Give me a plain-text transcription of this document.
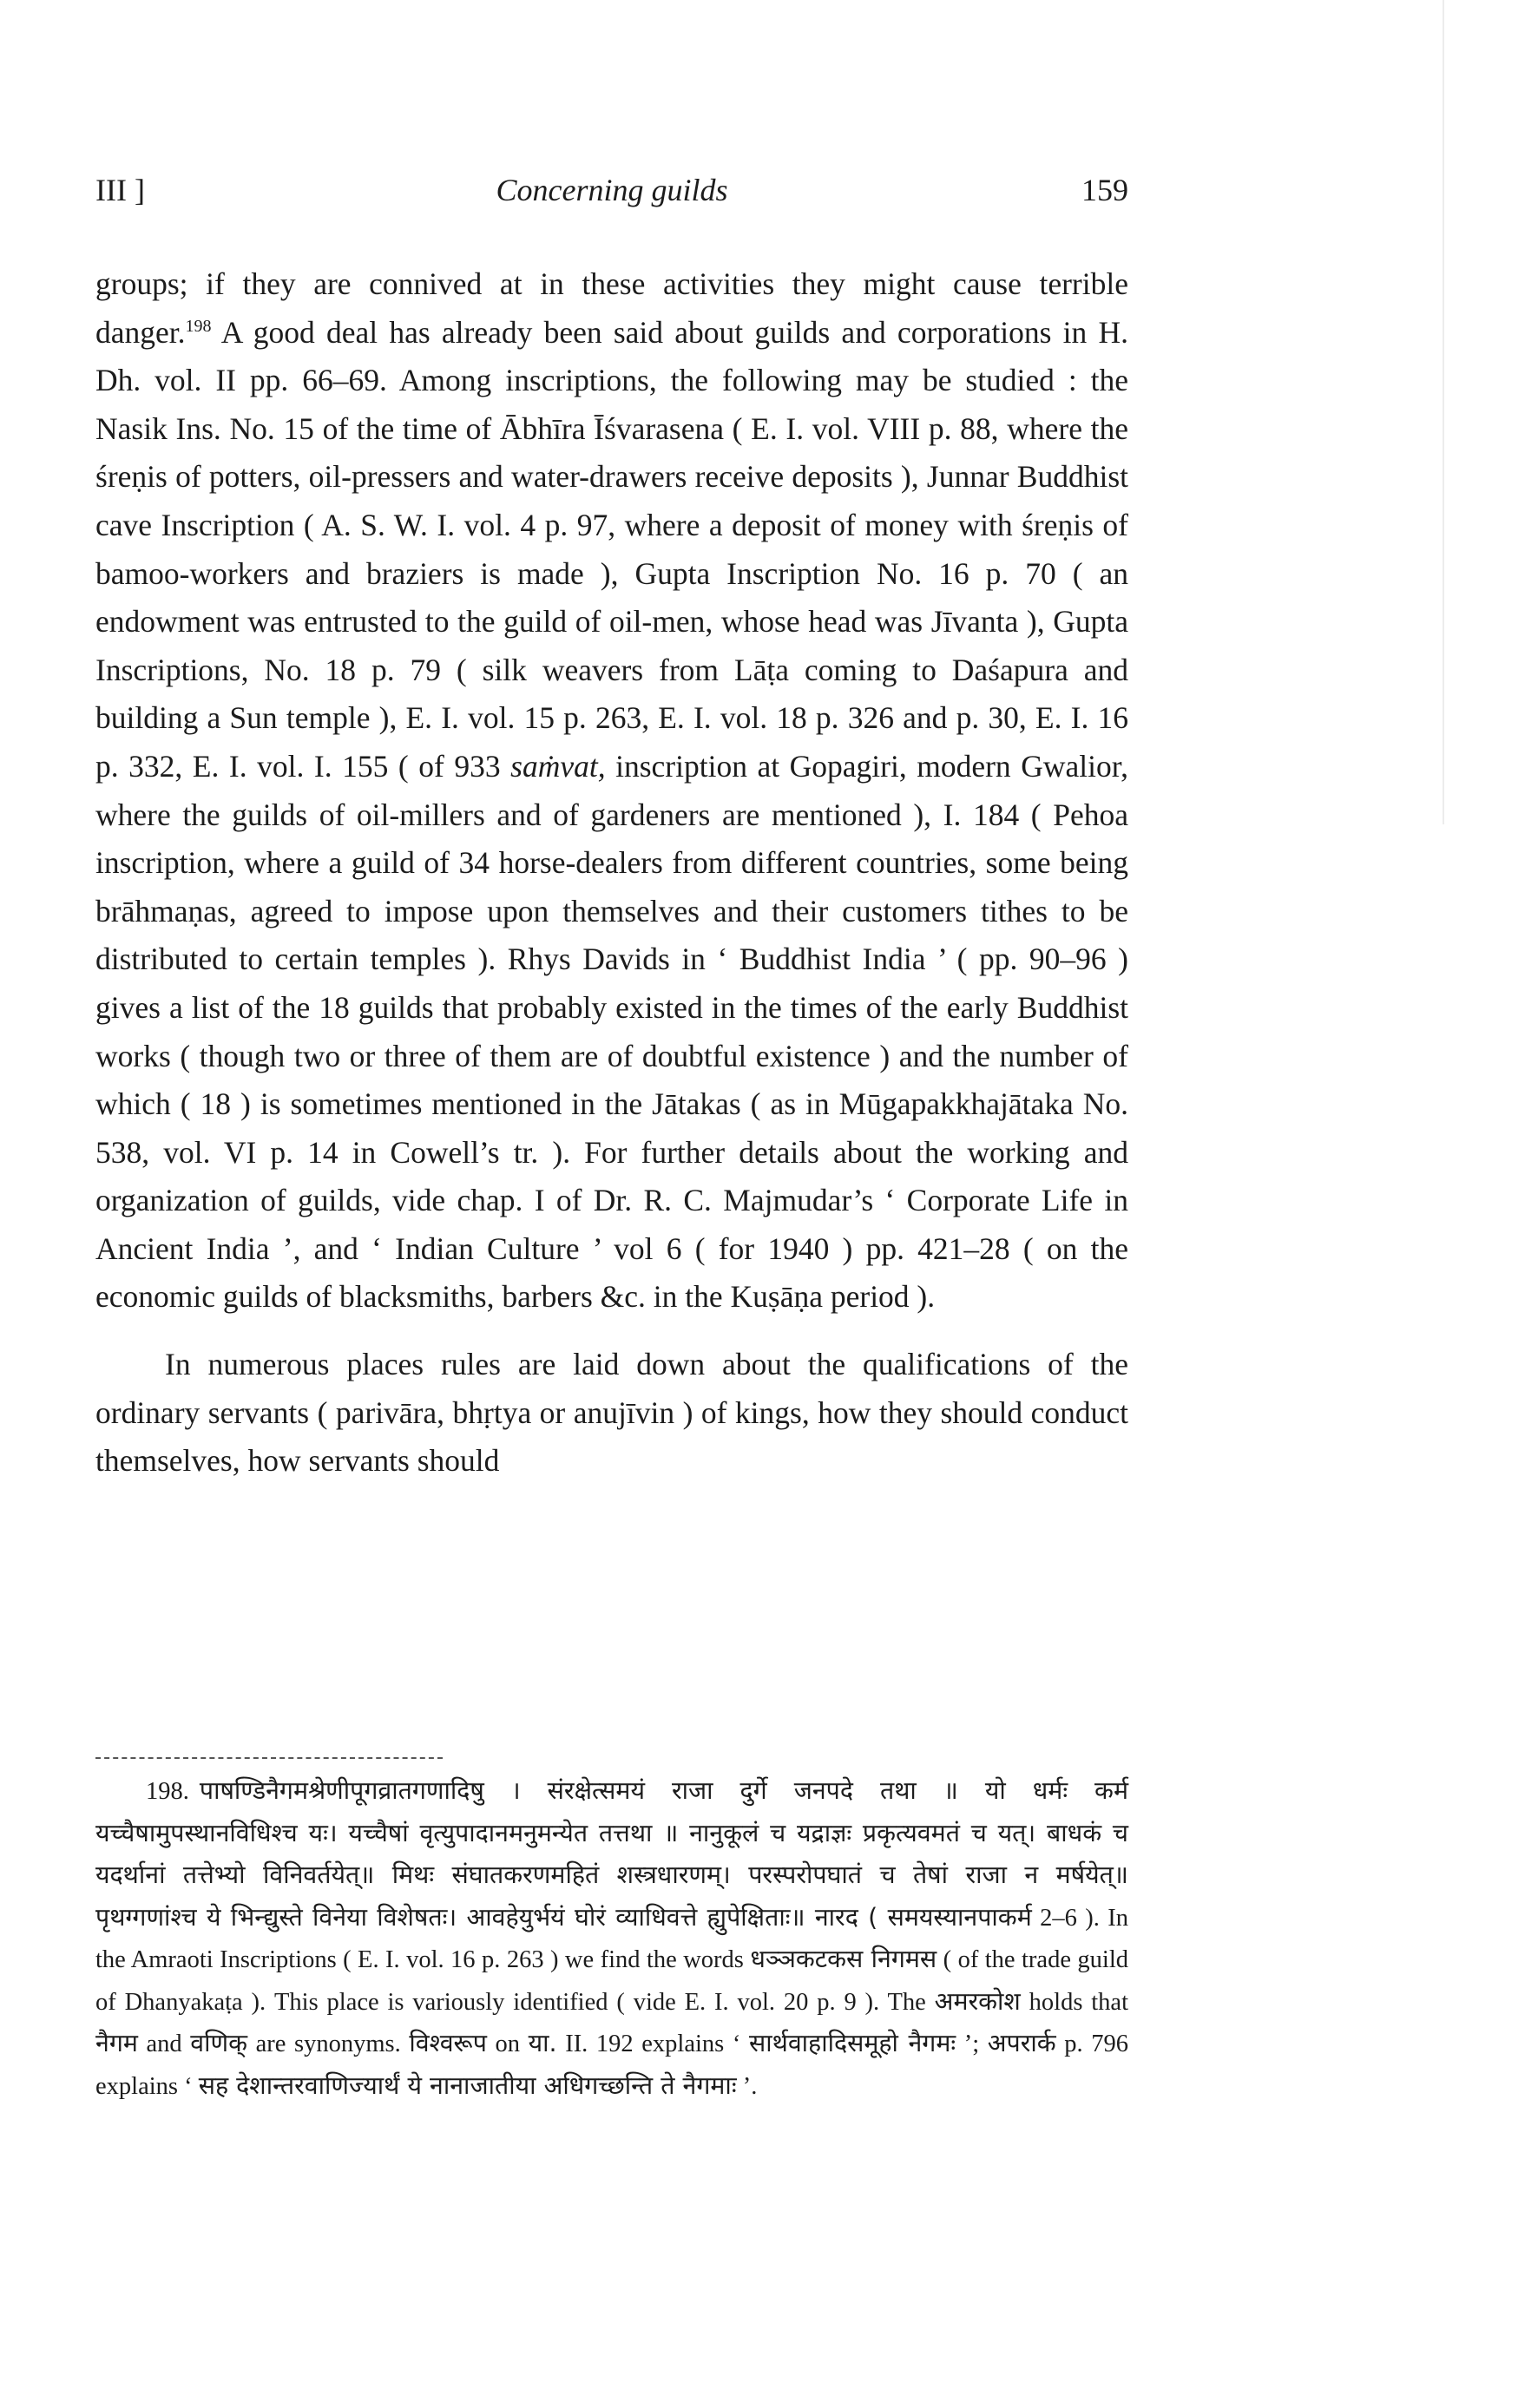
III ]	Concerning guilds	159

groups; if they are connived at in these activities they might cause terrible danger.$^{198}$ A good deal has already been said about guilds and corporations in H. Dh. vol. II pp. 66–69. Among inscriptions, the following may be studied : the Nasik Ins. No. 15 of the time of Ābhīra Īśvarasena ( E. I. vol. VIII p. 88, where the śreṇis of potters, oil-pressers and water-drawers receive deposits ), Junnar Buddhist cave Inscription ( A. S. W. I. vol. 4 p. 97, where a deposit of money with śreṇis of bamoo-workers and braziers is made ), Gupta Inscription No. 16 p. 70 ( an endowment was entrusted to the guild of oil-men, whose head was Jīvanta ), Gupta Inscriptions, No. 18 p. 79 ( silk weavers from Lāṭa coming to Daśapura and building a Sun temple ), E. I. vol. 15 p. 263, E. I. vol. 18 p. 326 and p. 30, E. I. 16 p. 332, E. I. vol. I. 155 ( of 933 saṁvat, inscription at Gopagiri, modern Gwalior, where the guilds of oil-millers and of gardeners are mentioned ), I. 184 ( Pehoa inscription, where a guild of 34 horse-dealers from different countries, some being brāhmaṇas, agreed to impose upon themselves and their customers tithes to be distributed to certain temples ). Rhys Davids in ‘ Buddhist India ’ ( pp. 90–96 ) gives a list of the 18 guilds that probably existed in the times of the early Buddhist works ( though two or three of them are of doubtful existence ) and the number of which ( 18 ) is sometimes mentioned in the Jātakas ( as in Mūgapakkhajātaka No. 538, vol. VI p. 14 in Cowell’s tr. ). For further details about the working and organization of guilds, vide chap. I of Dr. R. C. Majmudar’s ‘ Corporate Life in Ancient India ’, and ‘ Indian Culture ’ vol 6 ( for 1940 ) pp. 421–28 ( on the economic guilds of blacksmiths, barbers &c. in the Kuṣāṇa period ).

In numerous places rules are laid down about the qualifications of the ordinary servants ( parivāra, bhṛtya or anujīvin ) of kings, how they should conduct themselves, how servants should

198. पाषण्डिनैगमश्रेणीपूगव्रातगणादिषु । संरक्षेत्समयं राजा दुर्गे जनपदे तथा ॥ यो धर्मः कर्म यच्चैषामुपस्थानविधिश्च यः। यच्चैषां वृत्युपादानमनुमन्येत तत्तथा ॥ नानुकूलं च यद्राज्ञः प्रकृत्यवमतं च यत्। बाधकं च यदर्थानां तत्तेभ्यो विनिवर्तयेत्॥ मिथः संघातकरणमहितं शस्त्रधारणम्। परस्परोपघातं च तेषां राजा न मर्षयेत्॥ पृथग्गणांश्च ये भिन्द्युस्ते विनेया विशेषतः। आवहेयुर्भयं घोरं व्याधिवत्ते ह्युपेक्षिताः॥ नारद ( समयस्यानपाकर्म 2–6 ). In the Amraoti Inscriptions ( E. I. vol. 16 p. 263 ) we find the words धञ्ञकटकस निगमस ( of the trade guild of Dhanyakaṭa ). This place is variously identified ( vide E. I. vol. 20 p. 9 ). The अमरकोश holds that नैगम and वणिक् are synonyms. विश्वरूप on या. II. 192 explains ‘ सार्थवाहादिसमूहो नैगमः ’; अपरार्क p. 796 explains ‘ सह देशान्तरवाणिज्यार्थं ये नानाजातीया अधिगच्छन्ति ते नैगमाः ’.
